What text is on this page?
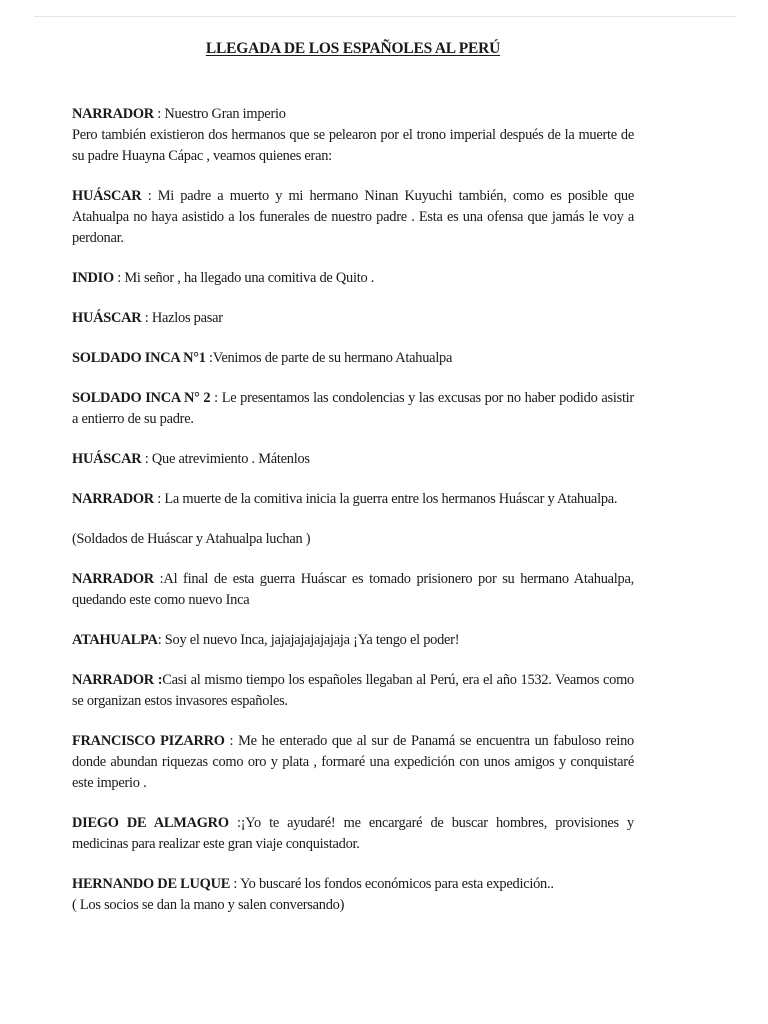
LLEGADA DE LOS ESPAÑOLES AL PERÚ

NARRADOR : Nuestro Gran imperio
Pero también existieron dos hermanos que se pelearon por el trono imperial después de la muerte de su padre Huayna Cápac , veamos quienes eran:

HUÁSCAR : Mi padre a muerto y mi hermano Ninan Kuyuchi también, como es posible que Atahualpa no haya asistido a los funerales de nuestro padre . Esta es una ofensa que jamás le voy a perdonar.

INDIO : Mi señor , ha llegado una comitiva de Quito .

HUÁSCAR : Hazlos pasar

SOLDADO INCA N°1 :Venimos de parte de su hermano Atahualpa

SOLDADO INCA N° 2 : Le presentamos las condolencias y las excusas por no haber podido asistir a entierro de su padre.

HUÁSCAR : Que atrevimiento . Mátenlos

NARRADOR : La muerte de la comitiva inicia la guerra entre los hermanos Huáscar y Atahualpa.

(Soldados de Huáscar y Atahualpa luchan )

NARRADOR :Al final de esta guerra Huáscar es tomado prisionero por su hermano Atahualpa, quedando este como nuevo Inca

ATAHUALPA: Soy el nuevo Inca, jajajajajajajaja ¡Ya tengo el poder!

NARRADOR :Casi al mismo tiempo los españoles llegaban al Perú, era el año 1532. Veamos como se organizan estos invasores españoles.

FRANCISCO PIZARRO : Me he enterado que al sur de Panamá se encuentra un fabuloso reino donde abundan riquezas como oro y plata , formaré una expedición con unos amigos y conquistaré este imperio .

DIEGO DE ALMAGRO :¡Yo te ayudaré! me encargaré de buscar hombres, provisiones y medicinas para realizar este gran viaje conquistador.

HERNANDO DE LUQUE : Yo buscaré los fondos económicos para esta expedición..
( Los socios se dan la mano y salen conversando)
